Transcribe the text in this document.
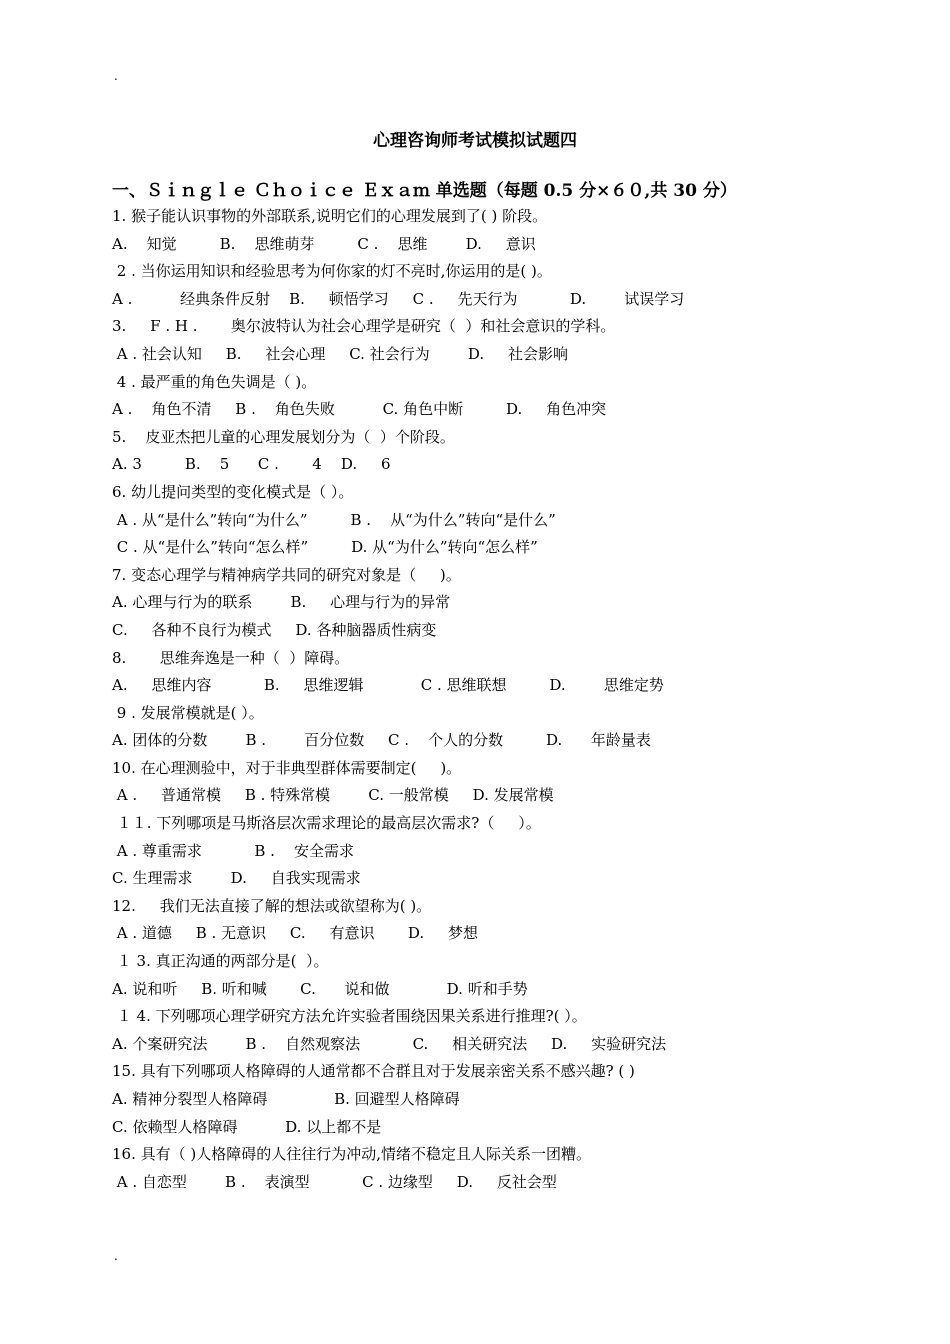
.
心理咨询师考试模拟试题四
一、Ｓｉｎｇｌｅ Ｃｈｏｉｃｅ Ｅｘａｍ 单选题（每题 0.5 分×６０,共 30 分）
1. 猴子能认识事物的外部联系,说明它们的心理发展到了( ) 阶段。
A.    知觉         B.    思维萌芽         C .    思维        D.     意识
2 . 当你运用知识和经验思考为何你家的灯不亮时,你运用的是( )。
A .          经典条件反射    B.     顿悟学习     C .     先天行为           D.        试误学习
3.     F . H .       奥尔波特认为社会心理学是研究（  ）和社会意识的学科。
A . 社会认知     B.     社会心理     C. 社会行为        D.     社会影响
4 . 最严重的角色失调是（ )。
A .    角色不清     B .    角色失败          C. 角色中断         D.     角色冲突
5.    皮亚杰把儿童的心理发展划分为（  ）个阶段。
A. 3         B.    5      C .       4    D.     6
6. 幼儿提问类型的变化模式是（ ）。
A . 从“是什么”转向“为什么”         B .    从“为什么”转向“是什么”
C . 从“是什么”转向“怎么样”         D. 从“为什么”转向“怎么样”
7. 变态心理学与精神病学共同的研究对象是（     )。
A. 心理与行为的联系        B.     心理与行为的异常
C.     各种不良行为模式     D. 各种脑器质性病变
8.       思维奔逸是一种（  ）障碍。
A.     思维内容           B.     思维逻辑            C . 思维联想         D.        思维定势
9 . 发展常模就是( ）。
A. 团体的分数        B .        百分位数     C .    个人的分数         D.      年龄量表
10. 在心理测验中，对于非典型群体需要制定(     )。
A .     普通常模     B . 特殊常模        C. 一般常模     D. 发展常模
１１. 下列哪项是马斯洛层次需求理论的最高层次需求?（     ）。
A . 尊重需求           B .    安全需求
C. 生理需求        D.     自我实现需求
12.     我们无法直接了解的想法或欲望称为( )。
A . 道德     B . 无意识     C.     有意识       D.     梦想
１ 3. 真正沟通的两部分是(  ）。
A. 说和听     B. 听和喊       C.      说和做            D. 听和手势
１ 4. 下列哪项心理学研究方法允许实验者围绕因果关系进行推理?( ）。
A. 个案研究法        B .    自然观察法           C.     相关研究法     D.     实验研究法
15. 具有下列哪项人格障碍的人通常都不合群且对于发展亲密关系不感兴趣? ( )
A. 精神分裂型人格障碍              B. 回避型人格障碍
C. 依赖型人格障碍          D. 以上都不是
16. 具有（ )人格障碍的人往往行为冲动,情绪不稳定且人际关系一团糟。
A . 自恋型        B .    表演型           C . 边缘型     D.     反社会型
.
